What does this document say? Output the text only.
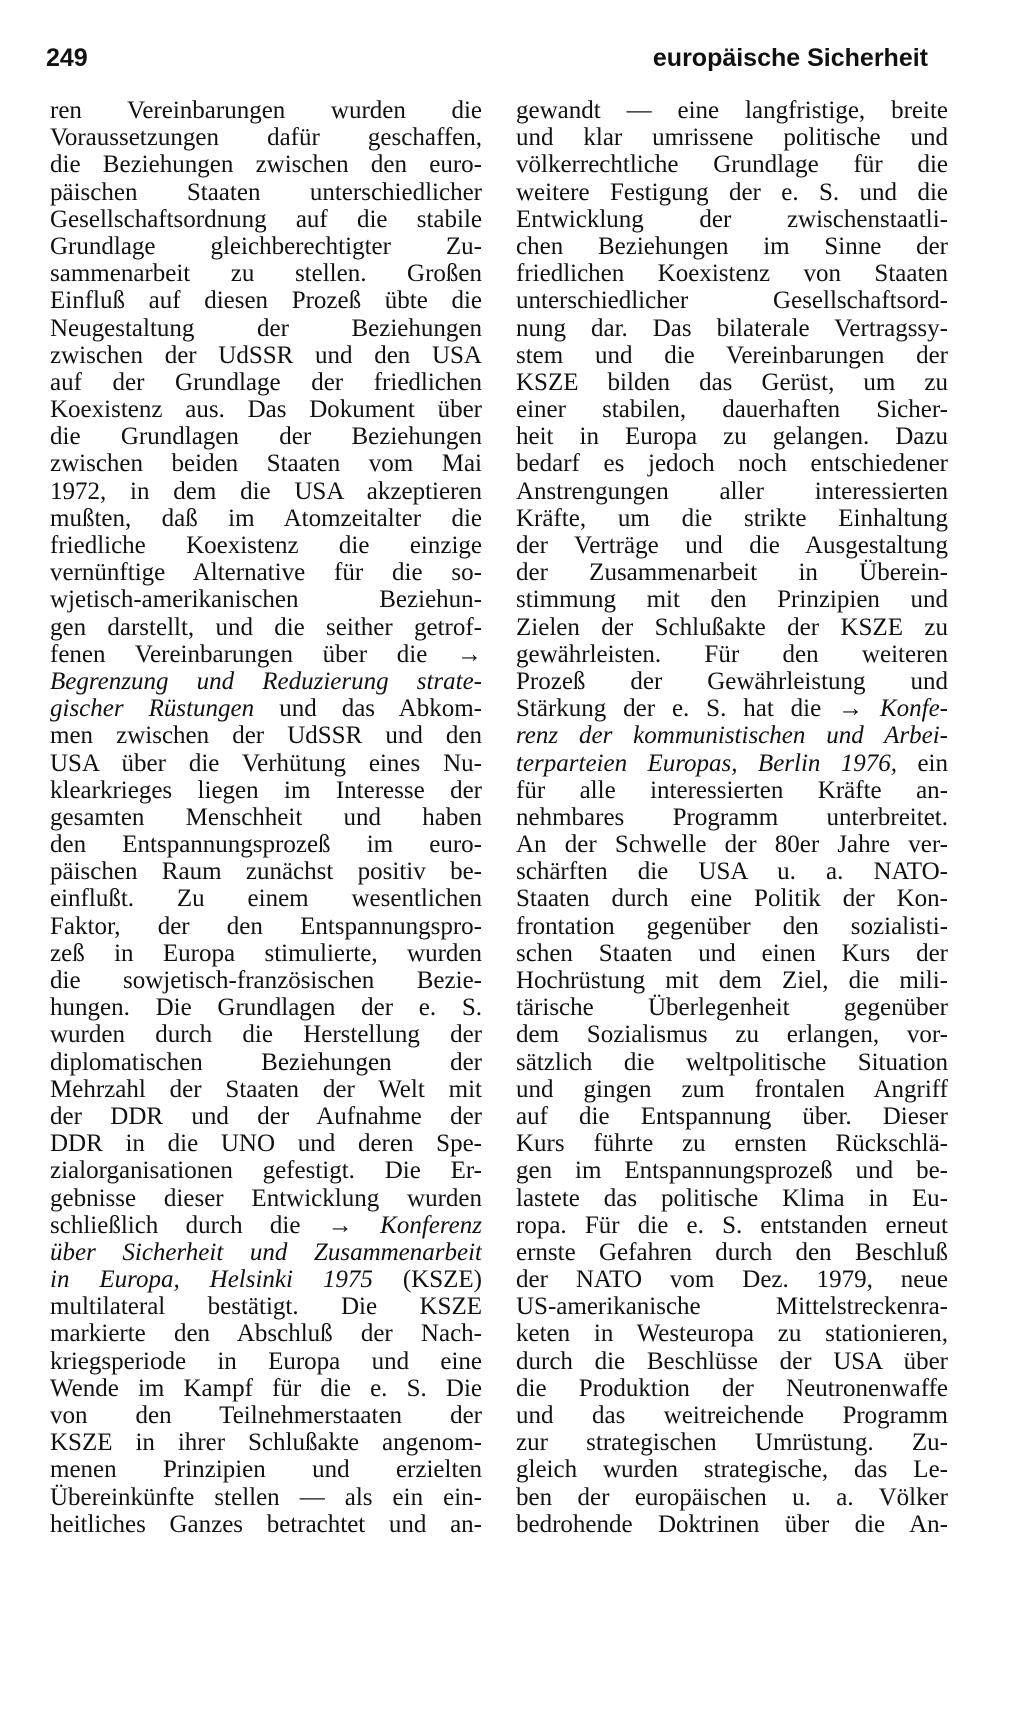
249	europäische Sicherheit
ren Vereinbarungen wurden die
Voraussetzungen dafür geschaffen,
die Beziehungen zwischen den euro-
päischen Staaten unterschiedlicher
Gesellschaftsordnung auf die stabile
Grundlage gleichberechtigter Zu-
sammenarbeit zu stellen. Großen
Einfluß auf diesen Prozeß übte die
Neugestaltung der Beziehungen
zwischen der UdSSR und den USA
auf der Grundlage der friedlichen
Koexistenz aus. Das Dokument über
die Grundlagen der Beziehungen
zwischen beiden Staaten vom Mai
1972, in dem die USA akzeptieren
mußten, daß im Atomzeitalter die
friedliche Koexistenz die einzige
vernünftige Alternative für die so-
wjetisch-amerikanischen Beziehun-
gen darstellt, und die seither getrof-
fenen Vereinbarungen über die →
Begrenzung und Reduzierung strate-
gischer Rüstungen und das Abkom-
men zwischen der UdSSR und den
USA über die Verhütung eines Nu-
klearkrieges liegen im Interesse der
gesamten Menschheit und haben
den Entspannungsprozeß im euro-
päischen Raum zunächst positiv be-
einflußt. Zu einem wesentlichen
Faktor, der den Entspannungspro-
zeß in Europa stimulierte, wurden
die sowjetisch-französischen Bezie-
hungen. Die Grundlagen der e. S.
wurden durch die Herstellung der
diplomatischen Beziehungen der
Mehrzahl der Staaten der Welt mit
der DDR und der Aufnahme der
DDR in die UNO und deren Spe-
zialorganisationen gefestigt. Die Er-
gebnisse dieser Entwicklung wurden
schließlich durch die → Konferenz
über Sicherheit und Zusammenarbeit
in Europa, Helsinki 1975 (KSZE)
multilateral bestätigt. Die KSZE
markierte den Abschluß der Nach-
kriegsperiode in Europa und eine
Wende im Kampf für die e. S. Die
von den Teilnehmerstaaten der
KSZE in ihrer Schlußakte angenom-
menen Prinzipien und erzielten
Übereinkünfte stellen — als ein ein-
heitliches Ganzes betrachtet und an-
gewandt — eine langfristige, breite
und klar umrissene politische und
völkerrechtliche Grundlage für die
weitere Festigung der e. S. und die
Entwicklung der zwischenstaatli-
chen Beziehungen im Sinne der
friedlichen Koexistenz von Staaten
unterschiedlicher Gesellschaftsord-
nung dar. Das bilaterale Vertragssy-
stem und die Vereinbarungen der
KSZE bilden das Gerüst, um zu
einer stabilen, dauerhaften Sicher-
heit in Europa zu gelangen. Dazu
bedarf es jedoch noch entschiedener
Anstrengungen aller interessierten
Kräfte, um die strikte Einhaltung
der Verträge und die Ausgestaltung
der Zusammenarbeit in Überein-
stimmung mit den Prinzipien und
Zielen der Schlußakte der KSZE zu
gewährleisten. Für den weiteren
Prozeß der Gewährleistung und
Stärkung der e. S. hat die → Konfe-
renz der kommunistischen und Arbei-
terparteien Europas, Berlin 1976, ein
für alle interessierten Kräfte an-
nehmbares Programm unterbreitet.
An der Schwelle der 80er Jahre ver-
schärften die USA u. a. NATO-
Staaten durch eine Politik der Kon-
frontation gegenüber den sozialisti-
schen Staaten und einen Kurs der
Hochrüstung mit dem Ziel, die mili-
tärische Überlegenheit gegenüber
dem Sozialismus zu erlangen, vor-
sätzlich die weltpolitische Situation
und gingen zum frontalen Angriff
auf die Entspannung über. Dieser
Kurs führte zu ernsten Rückschlä-
gen im Entspannungsprozeß und be-
lastete das politische Klima in Eu-
ropa. Für die e. S. entstanden erneut
ernste Gefahren durch den Beschluß
der NATO vom Dez. 1979, neue
US-amerikanische Mittelstreckenra-
keten in Westeuropa zu stationieren,
durch die Beschlüsse der USA über
die Produktion der Neutronenwaffe
und das weitreichende Programm
zur strategischen Umrüstung. Zu-
gleich wurden strategische, das Le-
ben der europäischen u. a. Völker
bedrohende Doktrinen über die An-
